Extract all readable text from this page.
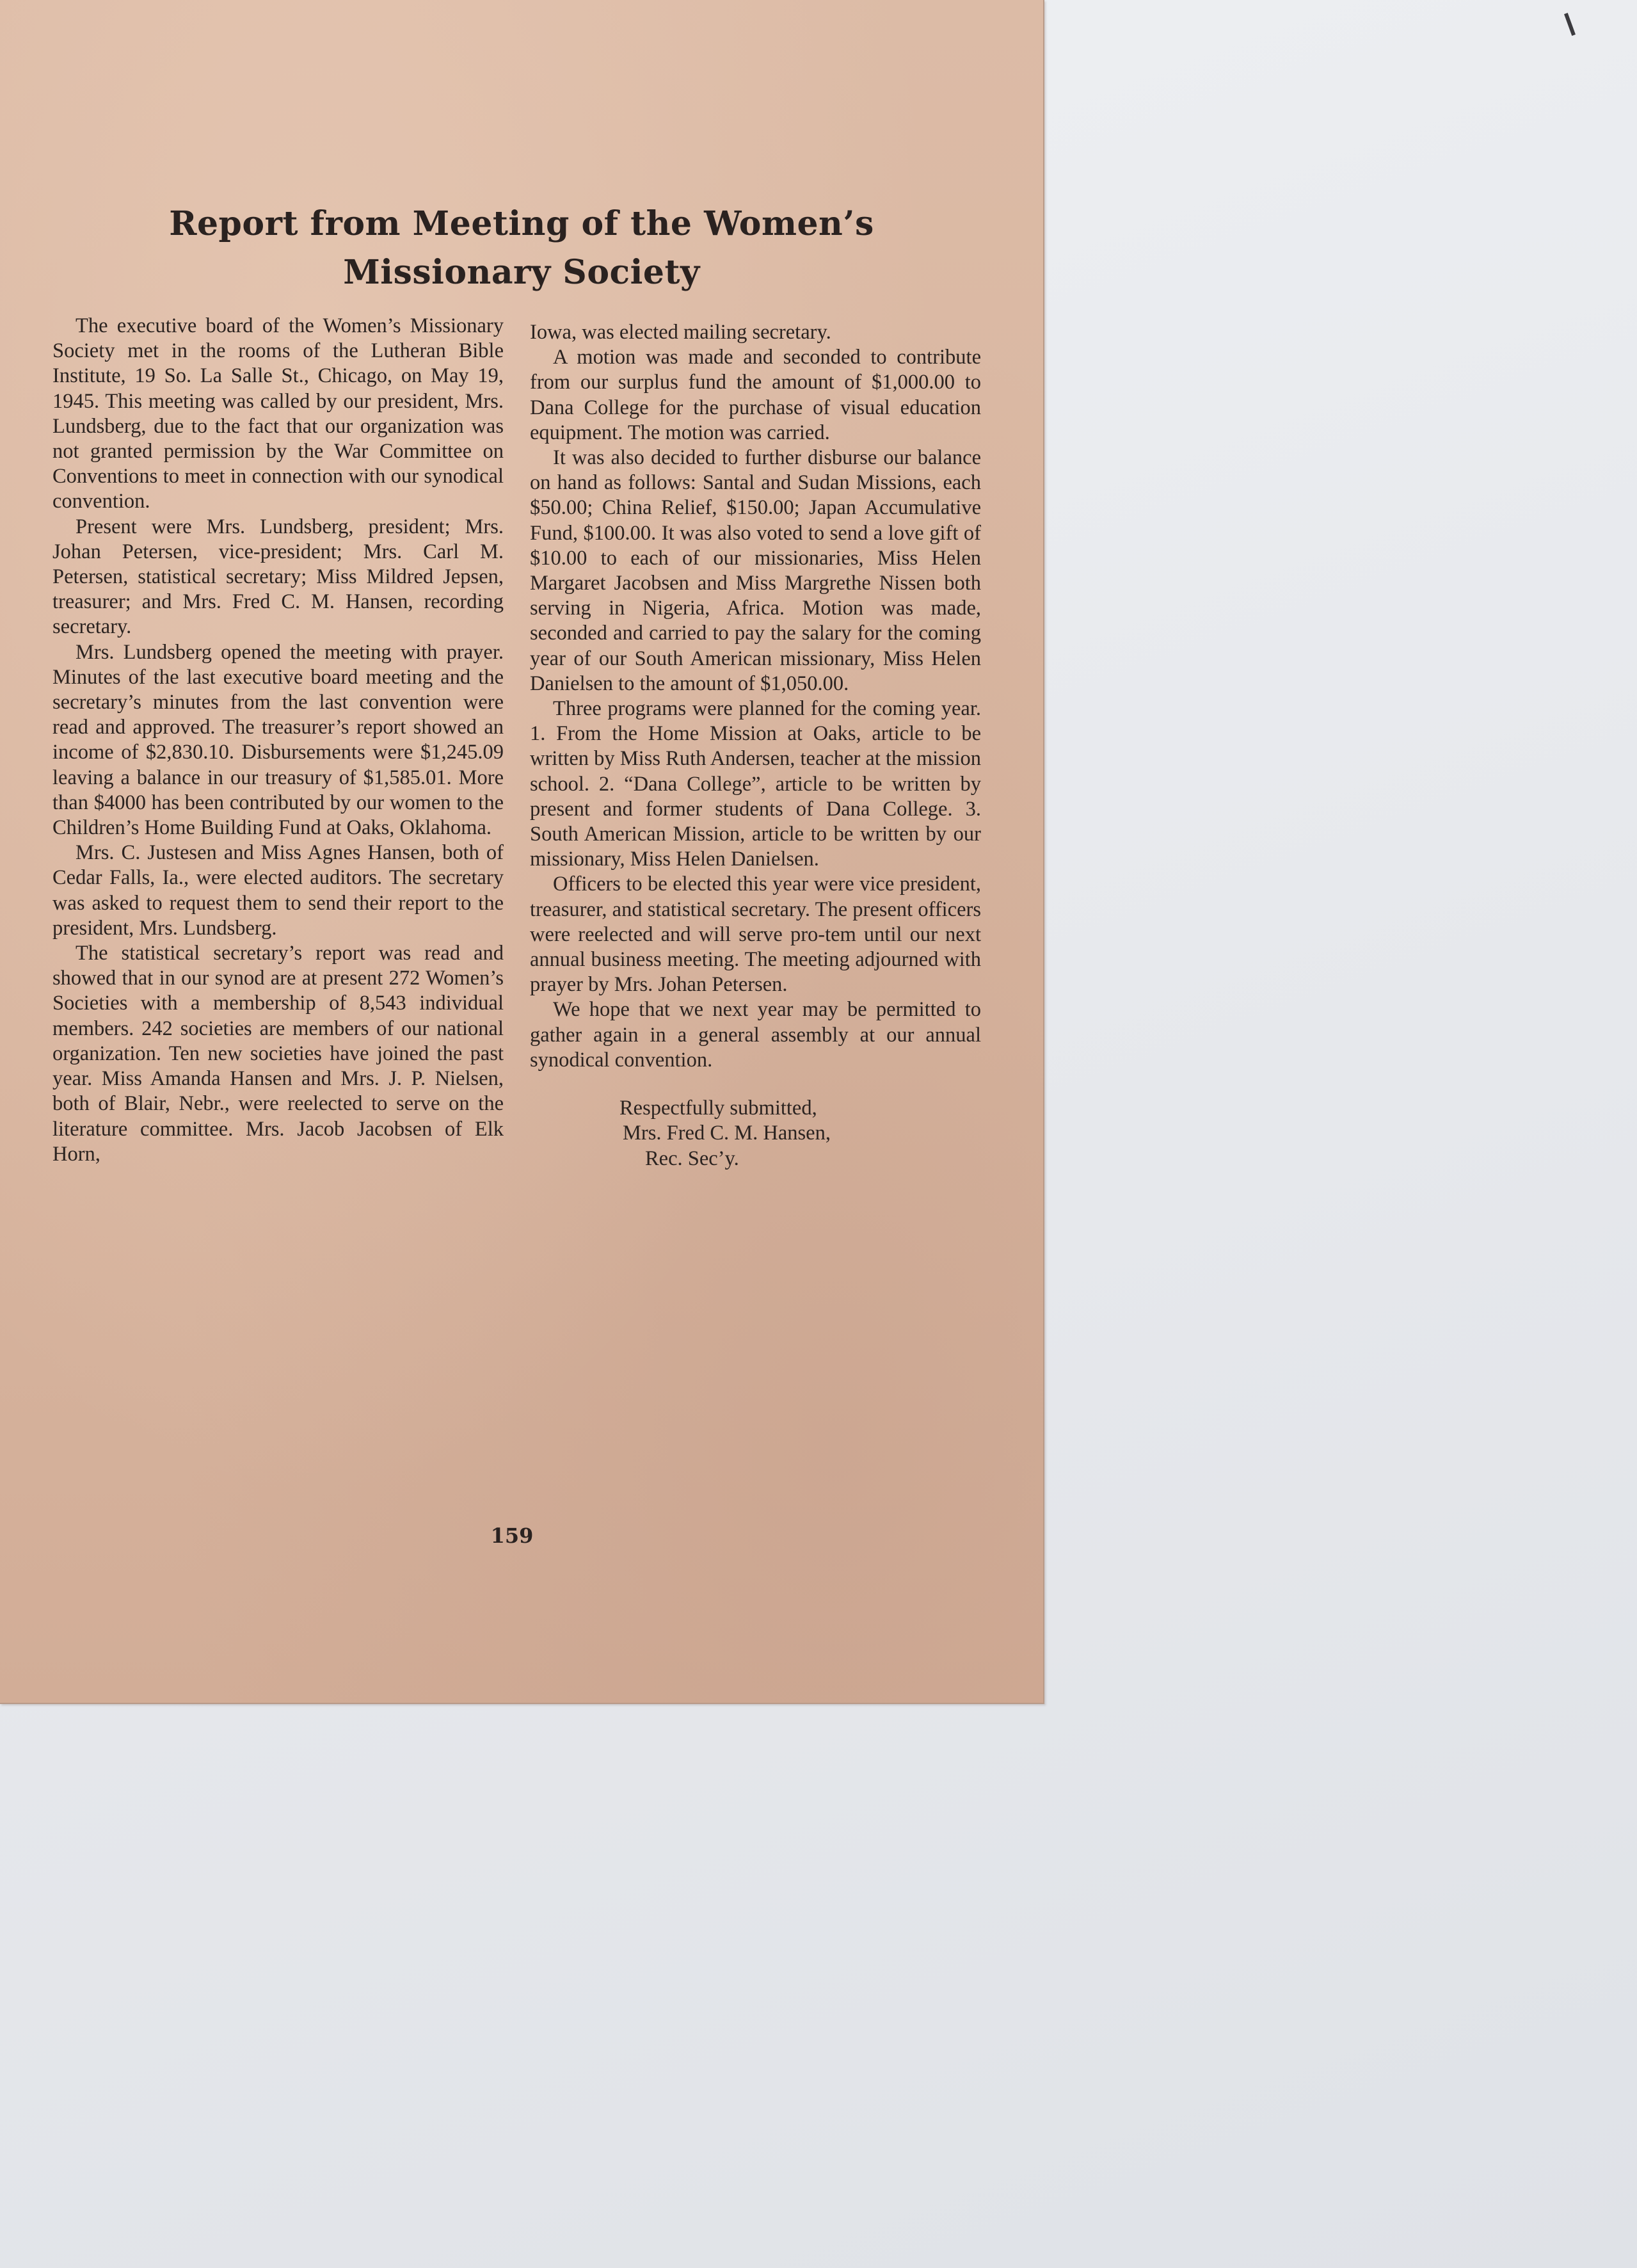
Report from Meeting of the Women’s
Missionary Society

The executive board of the Women’s Missionary Society met in the rooms of the Lutheran Bible Institute, 19 So. La Salle St., Chicago, on May 19, 1945. This meeting was called by our president, Mrs. Lundsberg, due to the fact that our organization was not granted permission by the War Committee on Conventions to meet in connection with our synodical convention.

Present were Mrs. Lundsberg, president; Mrs. Johan Petersen, vice-president; Mrs. Carl M. Petersen, statistical secretary; Miss Mildred Jepsen, treasurer; and Mrs. Fred C. M. Hansen, recording secretary.

Mrs. Lundsberg opened the meeting with prayer. Minutes of the last executive board meeting and the secretary’s minutes from the last convention were read and approved. The treasurer’s report showed an income of $2,830.10. Disbursements were $1,245.09 leaving a balance in our treasury of $1,585.01. More than $4000 has been contributed by our women to the Children’s Home Building Fund at Oaks, Oklahoma.

Mrs. C. Justesen and Miss Agnes Hansen, both of Cedar Falls, Ia., were elected auditors. The secretary was asked to request them to send their report to the president, Mrs. Lundsberg.

The statistical secretary’s report was read and showed that in our synod are at present 272 Women’s Societies with a membership of 8,543 individual members. 242 societies are members of our national organization. Ten new societies have joined the past year. Miss Amanda Hansen and Mrs. J. P. Nielsen, both of Blair, Nebr., were reelected to serve on the literature committee. Mrs. Jacob Jacobsen of Elk Horn,

Iowa, was elected mailing secretary.

A motion was made and seconded to contribute from our surplus fund the amount of $1,000.00 to Dana College for the purchase of visual education equipment. The motion was carried.

It was also decided to further disburse our balance on hand as follows: Santal and Sudan Missions, each $50.00; China Relief, $150.00; Japan Accumulative Fund, $100.00. It was also voted to send a love gift of $10.00 to each of our missionaries, Miss Helen Margaret Jacobsen and Miss Margrethe Nissen both serving in Nigeria, Africa. Motion was made, seconded and carried to pay the salary for the coming year of our South American missionary, Miss Helen Danielsen to the amount of $1,050.00.

Three programs were planned for the coming year. 1. From the Home Mission at Oaks, article to be written by Miss Ruth Andersen, teacher at the mission school. 2. “Dana College”, article to be written by present and former students of Dana College. 3. South American Mission, article to be written by our missionary, Miss Helen Danielsen.

Officers to be elected this year were vice president, treasurer, and statistical secretary. The present officers were reelected and will serve pro-tem until our next annual business meeting. The meeting adjourned with prayer by Mrs. Johan Petersen.

We hope that we next year may be permitted to gather again in a general assembly at our annual synodical convention.

Respectfully submitted,
Mrs. Fred C. M. Hansen,
Rec. Sec’y.
159
